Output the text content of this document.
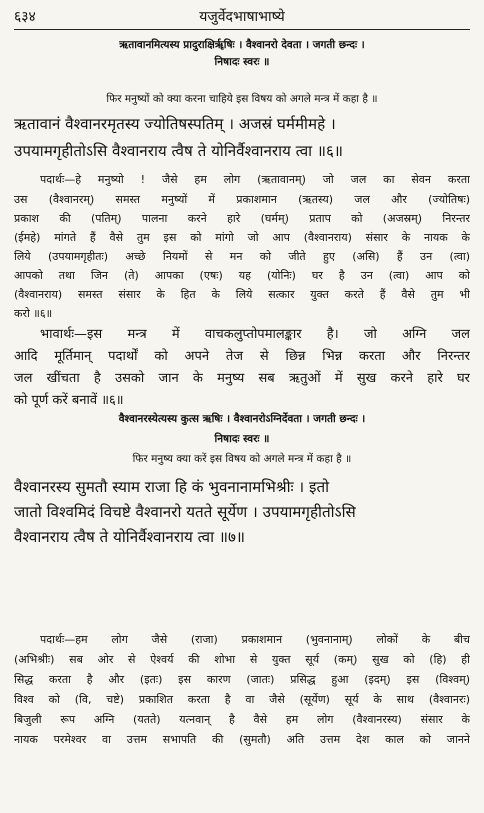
६३४	यजुर्वेदभाषाभाष्ये
ऋतावानमित्यस्य प्रादुराक्षिर्ॠषिः । वैश्वानरो देवता । जगती छन्दः ।
निषादः स्वरः ॥
फिर मनुष्यों को क्या करना चाहिये इस विषय को अगले मन्त्र में कहा है ॥
ऋतावानं वैश्वानरमृतस्य ज्योतिषस्पतिम् । अजस्रं घर्ममीमहे ।
उपयामगृहीतोऽसि वैश्वानराय त्वैष ते योनिर्वैश्वानराय त्वा ॥६॥
पदार्थः—हे मनुष्यो ! जैसे हम लोग (ऋतावानम्) जो जल का सेवन करता
उस (वैश्वानरम्) समस्त मनुष्यों में प्रकाशमान (ऋतस्य) जल और (ज्योतिषः)
प्रकाश की (पतिम्) पालना करने हारे (घर्मम्) प्रताप को (अजस्रम्) निरन्तर
(ईमहे) मांगते हैं वैसे तुम इस को मांगो जो आप (वैश्वानराय) संसार के नायक के
लिये (उपयामगृहीतः) अच्छे नियमों से मन को जीते हुए (असि) हैं उन (त्वा)
आपको तथा जिन (ते) आपका (एषः) यह (योनिः) घर है उन (त्वा) आप को
(वैश्वानराय) समस्त संसार के हित के लिये सत्कार युक्त करते हैं वैसे तुम भी
करो ॥६॥
भावार्थः—इस मन्त्र में वाचकलुप्तोपमालङ्कार है। जो अग्नि जल
आदि मूर्तिमान् पदार्थों को अपने तेज से छिन्न भिन्न करता और निरन्तर
जल खींचता है उसको जान के मनुष्य सब ऋतुओं में सुख करने हारे घर
को पूर्ण करें बनावें ॥६॥
वैश्वानरस्येत्यस्य कुत्स ऋषिः । वैश्वानरोऽग्निर्देवता । जगती छन्दः ।
निषादः स्वरः ॥
फिर मनुष्य क्या करें इस विषय को अगले मन्त्र में कहा है ॥
वैश्वानरस्य सुमतौ स्याम राजा हि कं भुवनानामभिश्रीः । इतो
जातो विश्वमिदं विचष्टे वैश्वानरो यतते सूर्येण । उपयामगृहीतोऽसि
वैश्वानराय त्वैष ते योनिर्वैश्वानराय त्वा ॥७॥
पदार्थः—हम लोग जैसे (राजा) प्रकाशमान (भुवनानाम्) लोकों के बीच
(अभिश्रीः) सब ओर से ऐश्वर्य की शोभा से युक्त सूर्य (कम्) सुख को (हि) ही
सिद्ध करता है और (इतः) इस कारण (जातः) प्रसिद्ध हुआ (इदम्) इस (विश्वम्)
विश्व को (वि, चष्टे) प्रकाशित करता है वा जैसे (सूर्येण) सूर्य के साथ (वैश्वानरः)
बिजुली रूप अग्नि (यतते) यत्नवान् है वैसे हम लोग (वैश्वानरस्य) संसार के
नायक परमेश्वर वा उत्तम सभापति की (सुमतौ) अति उत्तम देश काल को जानने
